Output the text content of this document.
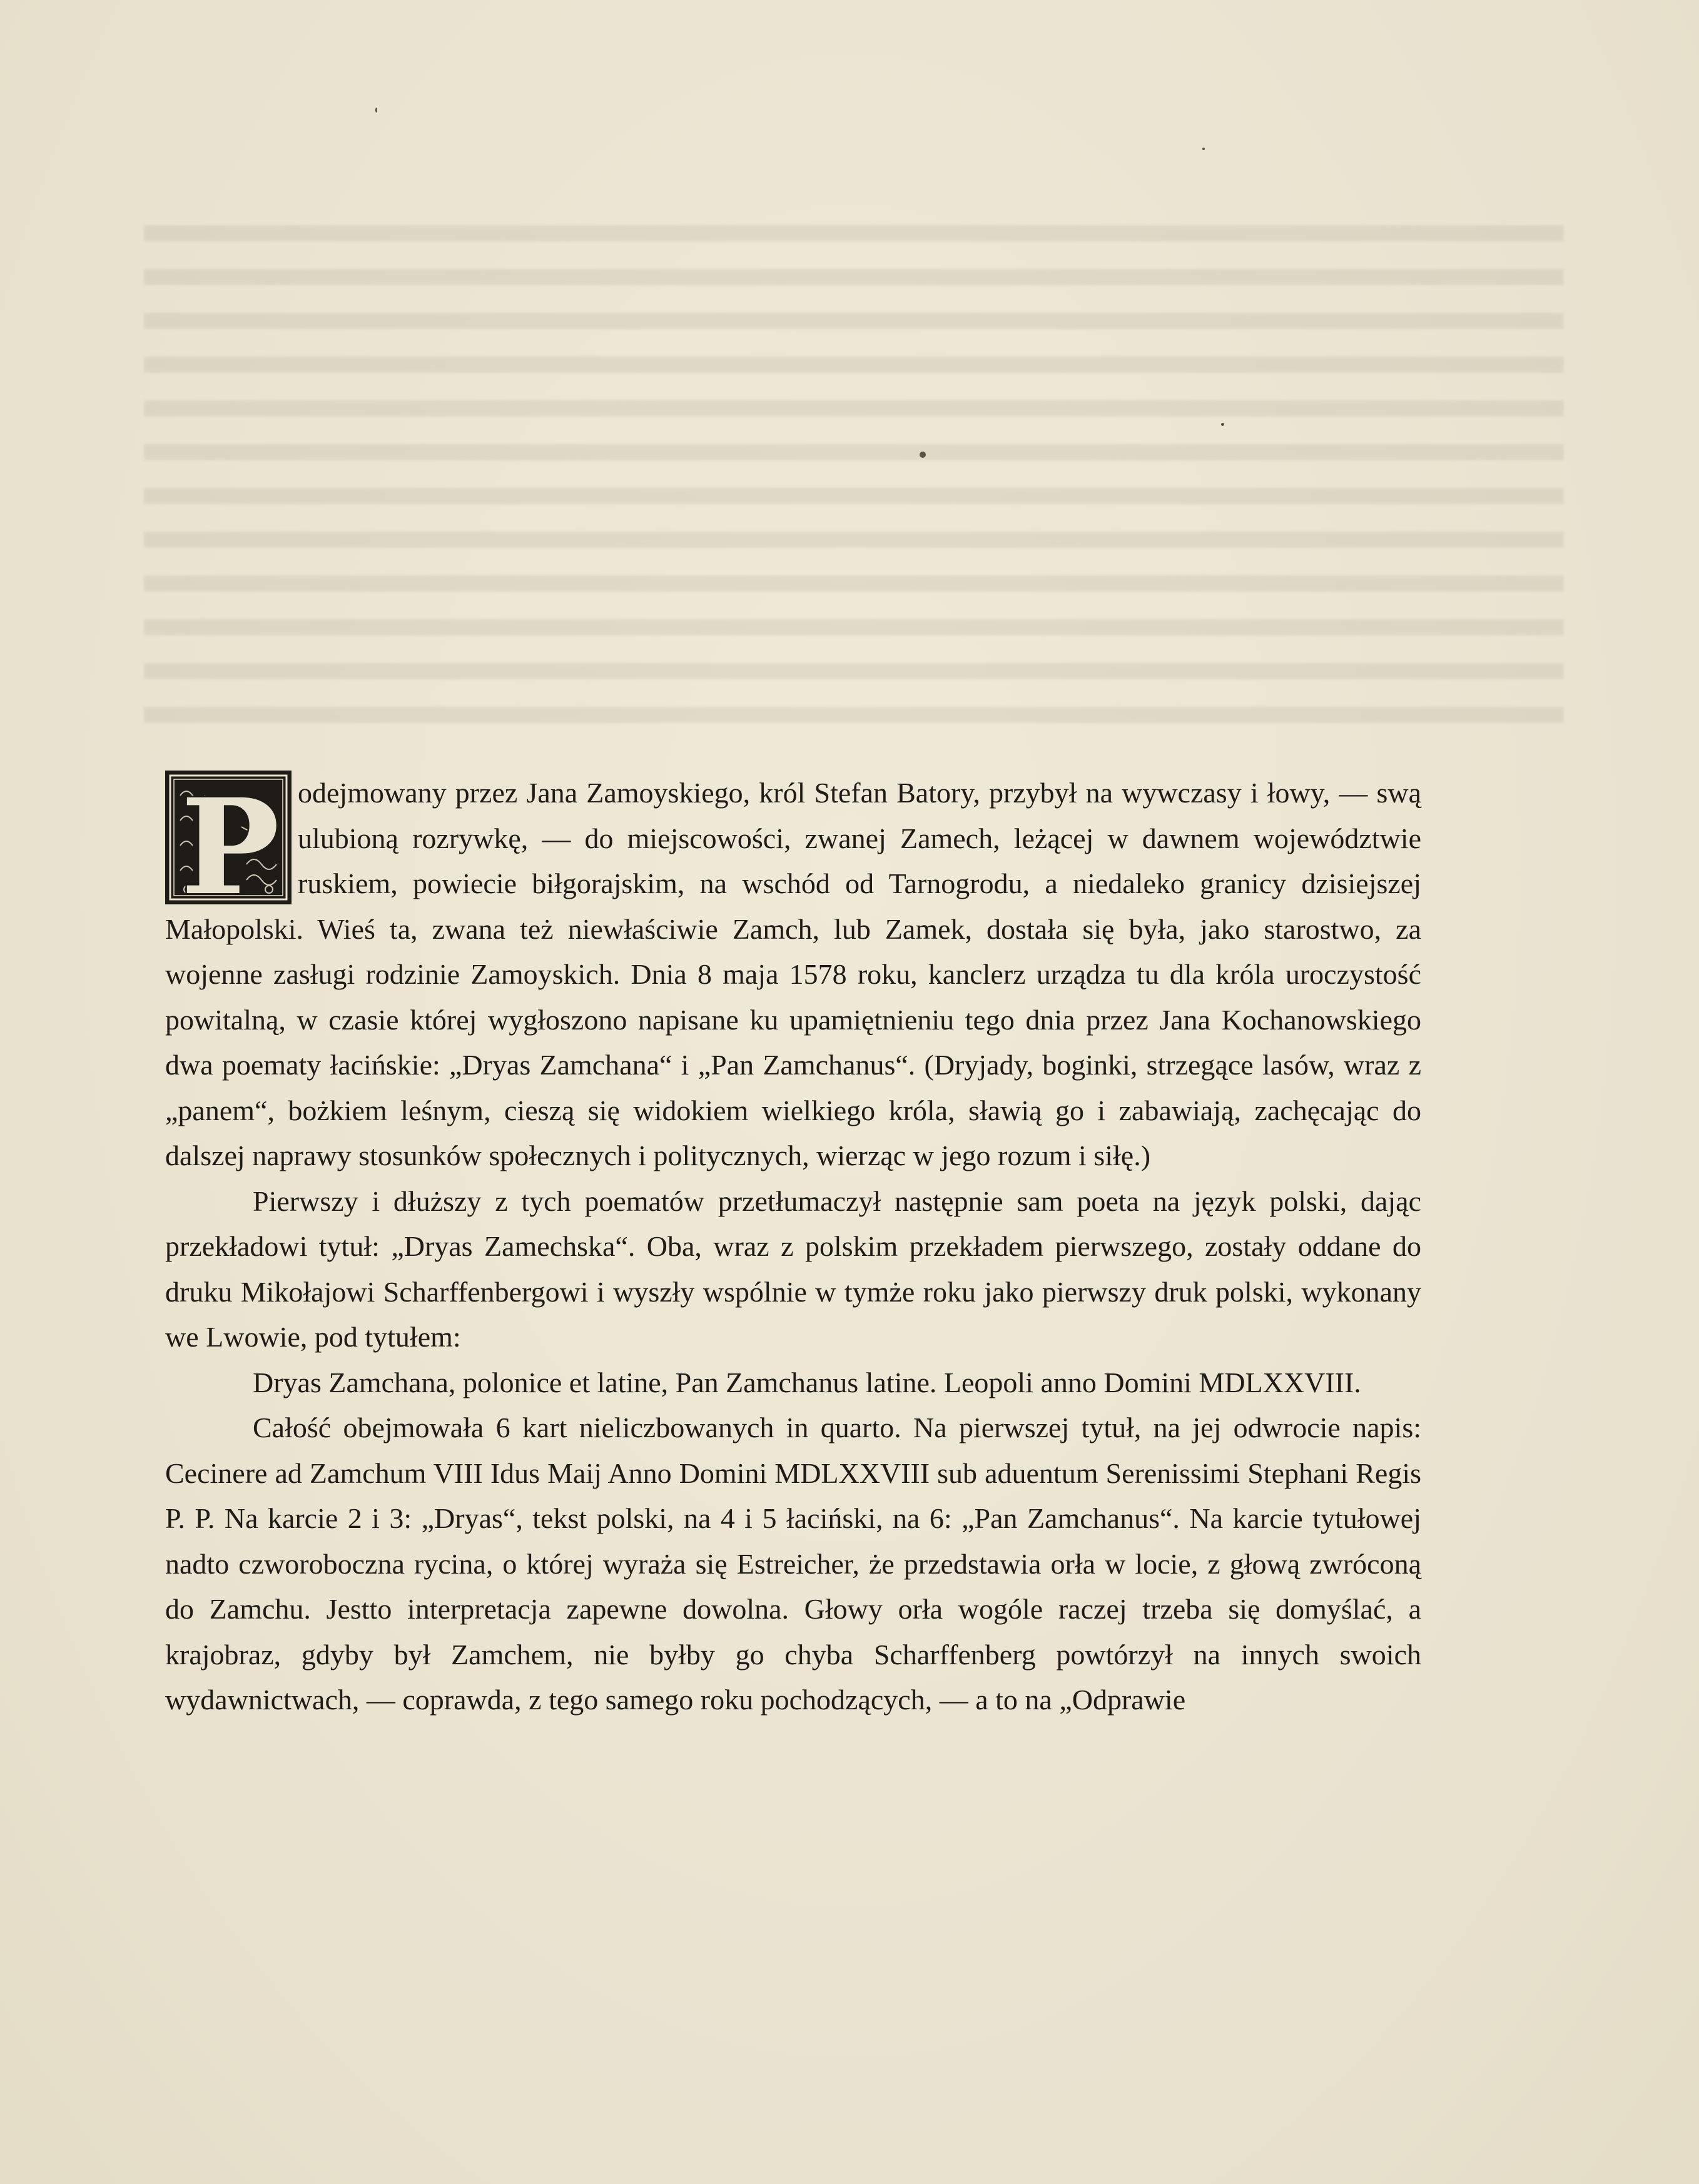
P odejmowany przez Jana Zamoyskiego, król Stefan Batory, przybył na wywczasy i łowy, — swą ulubioną rozrywkę, — do miejscowości, zwanej Zamech, leżącej w dawnem województwie ruskiem, powiecie biłgorajskim, na wschód od Tarnogrodu, a niedaleko granicy dzisiejszej Małopolski. Wieś ta, zwana też niewłaściwie Zamch, lub Zamek, dostała się była, jako starostwo, za wojenne zasługi rodzinie Zamoyskich. Dnia 8 maja 1578 roku, kanclerz urządza tu dla króla uroczystość powitalną, w czasie której wygłoszono napisane ku upamiętnieniu tego dnia przez Jana Kochanowskiego dwa poematy łacińskie: „Dryas Zamchana“ i „Pan Zamchanus“. (Dryjady, boginki, strzegące lasów, wraz z „panem“, bożkiem leśnym, cieszą się widokiem wielkiego króla, sławią go i zabawiają, zachęcając do dalszej naprawy stosunków społecznych i politycznych, wierząc w jego rozum i siłę.)

Pierwszy i dłuższy z tych poematów przetłumaczył następnie sam poeta na język polski, dając przekładowi tytuł: „Dryas Zamechska“. Oba, wraz z polskim przekładem pierwszego, zostały oddane do druku Mikołajowi Scharffenbergowi i wyszły wspólnie w tymże roku jako pierwszy druk polski, wykonany we Lwowie, pod tytułem:

Dryas Zamchana, polonice et latine, Pan Zamchanus latine. Leopoli anno Domini MDLXXVIII.

Całość obejmowała 6 kart nieliczbowanych in quarto. Na pierwszej tytuł, na jej odwrocie napis: Cecinere ad Zamchum VIII Idus Maij Anno Domini MDLXXVIII sub aduentum Serenissimi Stephani Regis P. P. Na karcie 2 i 3: „Dryas“, tekst polski, na 4 i 5 łaciński, na 6: „Pan Zamchanus“. Na karcie tytułowej nadto czworoboczna rycina, o której wyraża się Estreicher, że przedstawia orła w locie, z głową zwróconą do Zamchu. Jestto interpretacja zapewne dowolna. Głowy orła wogóle raczej trzeba się domyślać, a krajobraz, gdyby był Zamchem, nie byłby go chyba Scharffenberg powtórzył na innych swoich wydawnictwach, — coprawda, z tego samego roku pochodzących, — a to na „Odprawie
